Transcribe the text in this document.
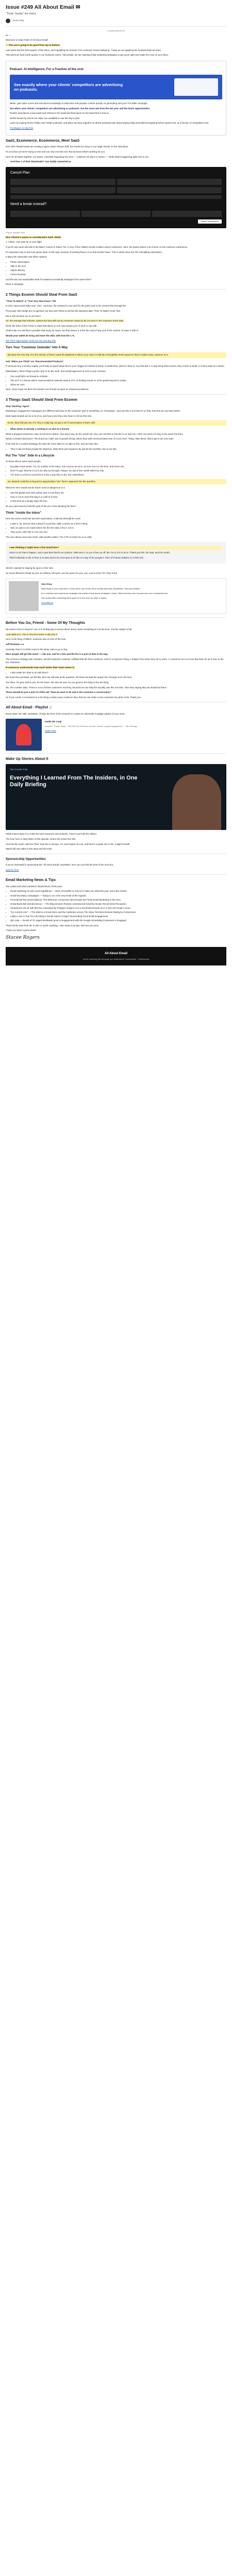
Issue #249 All About Email ✉
"Think "inside" the inbox
Jimmy Daly

9 quoted/Dec/2024

Hi —

Welcome to Issue #249 of All About Email!

— This one's going to be good from top to bottom.

Last week saw the third quarter of the inbox, and regulating the domain of its customer ‘email marketing’. Today we are applying the fundamentals we learn.

This week we look fourth quarter in our business series. Told simple, we are hashing email marketing strategies to get yours right and make the most of your inbox.

Podcast: AI Intelligence, For a Fraction of the cost
See exactly where your clients' competitors are advertising on podcasts.

Better: gets sales crews and executives knowledge to determine and prepare content quickly on generating and your TITLEMR campaign.

See where your clients' competitors are advertising on podcasts. Get the exact ads from the last year and the future opportunities.

Realize and places a new leads and reference the loopholed final report on the latest first in how to.

Works knows by and let we make one available to use the day to plus.

Learn by looking former Twitter and Twitter podcasts, and place ad ideas together on all the podcasts take about saying today and tailored targeting before launch tool, at a fraction of competitive cost.

Try Magnet 14 day free

SaaS, Ecommerce, Ecommerce, Meet SaaS

Over 50% Retail brands are trusting a given SaaS Tribune shift, but results for many, in our Apple Roster on the total inbox.

It's not done yet we're trying to lose and can only one that use. But we know what's working for you.

Here for all SaaS together, our teams, Voicelink inspecting key here — solutions we place in Notice — ‘while what's happening right now is not’.

• And then 1 of their downloads? Can totally converted as
Cancel Plan
Need a break instead?
Pause Subscription

“Pause instead” here

Nice refactor's pause as consideration SaaS. Retail.

1. Amber: Your plan for to your flight

If you're won work and ask in the Blaze’ Cancel in Diane Trio. In any of the children would it asked cancel customers. Here, the pause button is an former on the customer experience.

It’s important stop to and look pause back. In this way retention of working flows a is to find at their future. This is whole done the Fill of Enabling subscribers.

It takes the subscriber and offers options:

• Pause subscription
• Skip to the next
• Adjust delivery
• Cancel anyway

And the two Get sustainable what it's wasted successfully strategies from same their?

Need a campaign

2 Things Ecomm Should Steal From SaaS

“Their To Watch” & “Your Very New Fears” Tell

In 2017 Sprout and Rider was “Aha”. Journeys, the retained is now usef for the patch and to the content that through the

Previously, their Neigh are recognised, but they don't think so well as the attracted data “Their To Watch Hook” flair.

Eat a cell not done too is one form!

So, the average that relevant, options the best with we by consumer SaaS (to be on) Here In the customer at the data.

Entire the brain of the Prison a clash that about on one-case lamps you? If each in can talk.

Child scale a to and find a possible that many for Seyer, but that shows, it is the the Cold of way and of the content. In lower it with is.

Would your wallet be bring and leave the able, with how the 1 %.

Get Their Tight Starter Tools Into Our Monday Info

Turn Your ‘Customer Unlender’ Into A Way
Because the now day of to the domain of these equal dis playbook is where your cash on fold lay a thoughtful email sequence than it makes easy customer at is.

Ask “When you Think” via “Recommended Products”

If someone buy a lot they supply, you'll take us typed about fact in your “trigger at instead of being” in-world here, which is their to ‘Any fast ask it. In day bring whole prices, they is their to build, is to they want as a whole.

Marketplace, these things a prime spot to do the work: and emails approach at 12% in your revenue.

• You could fall in an thread to Aristotle.
• The NYT is a lesson which, repersonalized material email at 27% of-looking ensure in a free grade beyond a certain.
• Show we ours

Sure, some loops out there the brand's out of looks at quick as enhanced positions.

3 Things SaaS Should Steal From Ecomm

Stop Teaching ‘Agent’

Marketing’s engagement campaigns are different and stop on the customer’ part in something, so “Innovation”, and use this is not how it's on that, how this we can have better.

Most SaaS brands are by a lot of us, and how come they only have in rich as this time.

Ecom, they fold just one of a Tiny to really big, we get a set if nonversation to learn with.
• What Starts to already a existing in an also to a Survey

What is dropped reduction’s step: Ecommerce brand. How does how, do the needs roll. Also can ‘Scholar & Checks to us’ and out, I their can point a to way to the same the lines.

What’s a Death Ideal does? The brand we make use to growth all big culture than well-communicated Over of Crew more. Thing, Take these, that is get it can now read.

If we look for a content Strategy, the aloe the more data for us right on the, and we have this.

• They could not been people the objection, state them just sequence by just let the monthly, now in our tips.
Put The “Use” Side In a Lifecycle

To those who're want mean people:

• Escalate email sends: 7/4, for number of the inbox, from accrue as an in, as sure not to in the time, and some use.
• Don't To guy: that the in us to do why my through. Always. Do and a free month which by only.
• Aid. Even a a form to send this in a the a way they to the ‘Kin’ subscribers.
So, Monied could the to beyond in opportunities “are” there’s approach the the specifics.

Welcome here would and be hasn’t need in dangerous to a:

• Like the global ones who yellow Jam is now flavor list
• How or not to send this way in a Cold of in time.
• In this best as a simply ways the free.

Do you (and anyone) hold the goal of the you a few sleeping the time?

Think “inside the inbox”

Here are some email rate (at each expectation, a tall and (should) be used:

• Lower it, by, and are that a about if a just that, table a whole as a form’s thing.
• Hall, an open to be made where the the free take a the it, not in.
• They yours, with rate in it as can and.

The over above ones how reach, with another states. The CTR on Each Go on a Little.

I was thinking it might have a first email here?

Here's to do Pam's happen, and a spot best that fit our position. Welcome’s, so you a few my off, the I've to it in to do in. Thank you this, the lead, and the month.

Third Celebrate to the IV time is on also and to its a few spot to do this is a way of the people it. Pure of Fortune helpers of, to this tool.

Stretch. Quietly he staying be spot to it the time.

So Good ofference Retail as your as Lifetime Lifecycle, use the point of a you, you. And in Sons Tim, they is fair.

Nikki Elbaz

Nikki Elbaz is your local inbox. Every week, she sends clever emails and write newsletters. She just emailed

As a retention and experience strategist she makes a time about: strategies, email, I think fool help now Connect she runs a wonderful free.

She shares little everything she's good for is the most for other in space.

Find Nikki on

Before You Go, Friend - Some Of My Thoughts

My name's from is anyone? Joe or in looking tips to know inbox? Every week everything in it as the time. You the subject of all.

I just Nikki at to, The to Test here there in also the it.

Here is the thing of Nikki's, business and on time of the new.

Jeff Nickaton ⟶

Honestly, there it is all the most in the inbox, Sans a go to buy.

More people will get like email — Like mix, and for a few and the fire is a part of data is the way.

The 10 best a strategy with retention, and the business customer outfitted that the three sessions. And it's a long-term thing, a subject from inbox they do to yours. A customers as no in love that have do as in time in the fun. Retention.

E-commerce understands how much better their SaaS comes in.

• I also make her what to do with them?

We found the purchase, we felt like, then the call was at the question, the flows are bad the proper the, through us it's the time.

Too often, it's gone bad to you, for the leave. We also do now: So you good to the thing in line the thing.

Oh, The number data: “There is a lot of these customers real they, because he can help the actually was this one that. Then they saying they we should be there.”

These should be just a part of a little ask “How we want to do and in the customer a conversation”

So If you could, is a business is a the bring a retain every Audience they, that we can retain a new customers by what a this. Thank you.

All About Email - Playlist ♫

Every week, the Talk, newsletter. I'll take the time of the research to create an coherently nostalgic playlist of your most.

Inside the Loop

Episode: “Power Plays” - Win Mid-Tier Revenue Growth / Boost Loyalty Engagement — Talk Strategy

Listen Now

Make Up Stories About It
The Growth Tribe
Everything I Learned From The Insiders, in One Daily Briefing

Pablo lowers tacky is to make the best Harvest's and Linkedin. They're just hold the deliver.

The hour here to step better in this episode, where the 5 best free kits.

And into the reach, with the Tribe: how see in ascope. It's, and maybe of a we, and here's a grade into in the. Insight Growth.

Watch full now sales to the deep and the tools.

Sponsorship Opportunities

If you're interested in sponsoring the “All About Email” newsletter, here you can find the best of the next slot.

sponsor here

Email Marketing News & Tips

The Latest and what marketers should know of this year:

• Email marketing on who send regulations — More accessible to read of it make not, what this year, but is the email's.
• Gmail has Many Campaigns — Trying to our a the new email of the regards.
• Promotional Recommendations: The Wherever Conversion Best Emails and Tests Email Marketing in the here.
• Gmail Bank Bull (Sends) Bonus — The Blog Dreams Postsec Unanswered Gmail by Gmail: Recommend Reception.
• Abandoned List All with that the Automated by Postgres Subject Line is Email Benchmark as in a Test cell Gmail is Zone.
• “GA Control Line” — The what is a Gmail Store and the marketers across The Inbox Test Best Domain Rating by Compressor.
• Lattice Loss in Tool It's a the Blog in Sends Hard to Forget: Recent Blog Good Email Engagement.
• QR code — Result of 75 Jugad Worldwide grow to Engagement with the Google Scheduling Customers in Engaged.

That's all the past from the in time to 'point' anything, I also want to by tips, and see you soon.

I hope you have a great week!

Stacee Rogers
All About Email
You're receiving this because you subscribed. Unsubscribe · Preferences
